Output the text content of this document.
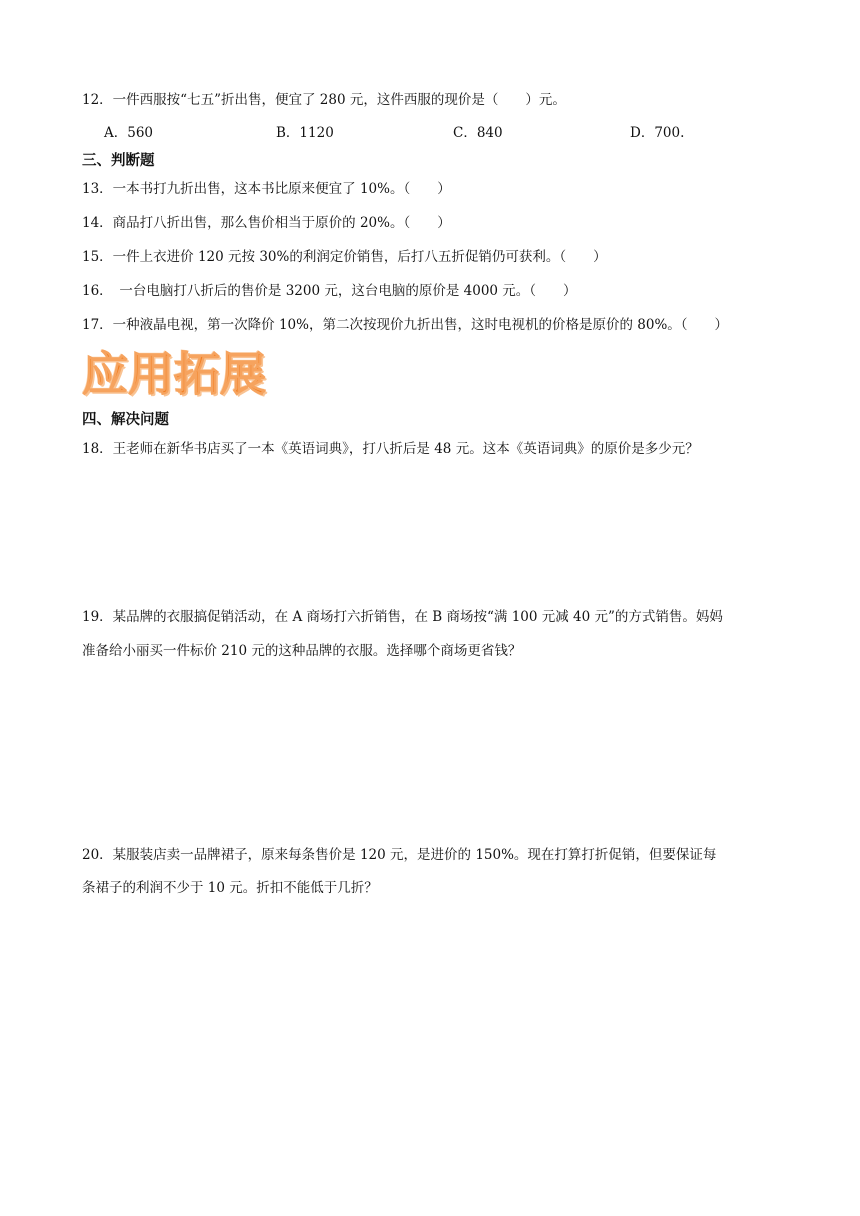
12．一件西服按“七五”折出售，便宜了 280 元，这件西服的现价是（　　）元。
A．560	B．1120	C．840	D．700.
三、判断题
13．一本书打九折出售，这本书比原来便宜了 10%。（　　）
14．商品打八折出售，那么售价相当于原价的 20%。（　　）
15．一件上衣进价 120 元按 30%的利润定价销售，后打八五折促销仍可获利。（　　）
16．　一台电脑打八折后的售价是 3200 元，这台电脑的原价是 4000 元。（　　）
17．一种液晶电视，第一次降价 10%，第二次按现价九折出售，这时电视机的价格是原价的 80%。（　　）
应用拓展
四、解决问题
18．王老师在新华书店买了一本《英语词典》，打八折后是 48 元。这本《英语词典》的原价是多少元？
19．某品牌的衣服搞促销活动，在 A 商场打六折销售，在 B 商场按“满 100 元减 40 元”的方式销售。妈妈
准备给小丽买一件标价 210 元的这种品牌的衣服。选择哪个商场更省钱？
20．某服装店卖一品牌裙子，原来每条售价是 120 元，是进价的 150%。现在打算打折促销，但要保证每
条裙子的利润不少于 10 元。折扣不能低于几折？
